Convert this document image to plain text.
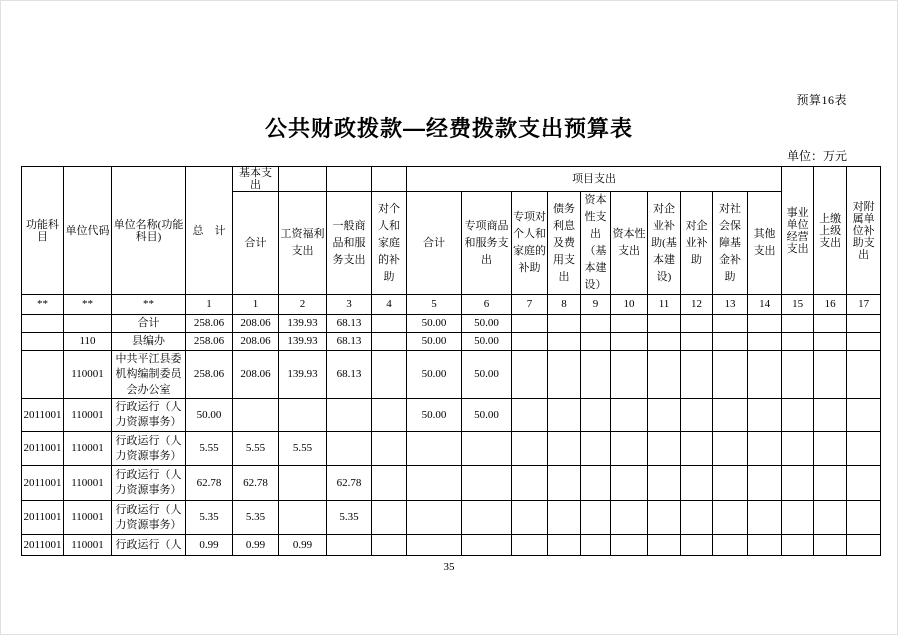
预算16表
公共财政拨款—经费拨款支出预算表
单位：万元
功能科目	单位代码	单位名称(功能科目)	总　计	基本支出				项目支出										事业单位经营支出	上缴上级支出	对附属单位补助支出
				合计	工资福利支出	一般商品和服务支出	对个人和家庭的补助	合计	专项商品和服务支出	专项对个人和家庭的补助	债务利息及费用支出	资本性支出（基本建设）	资本性支出	对企业补助(基本建设)	对企业补助	对社会保障基金补助	其他支出			
**	**	**	1	1	2	3	4	5	6	7	8	9	10	11	12	13	14	15	16	17
		合计	258.06	208.06	139.93	68.13		50.00	50.00											
	110	县编办	258.06	208.06	139.93	68.13		50.00	50.00											
	110001	中共平江县委机构编制委员会办公室	258.06	208.06	139.93	68.13		50.00	50.00											
2011001	110001	行政运行（人力资源事务）	50.00					50.00	50.00											
2011001	110001	行政运行（人力资源事务）	5.55	5.55	5.55															
2011001	110001	行政运行（人力资源事务）	62.78	62.78		62.78														
2011001	110001	行政运行（人力资源事务）	5.35	5.35		5.35														
2011001	110001	行政运行（人	0.99	0.99	0.99															
35
